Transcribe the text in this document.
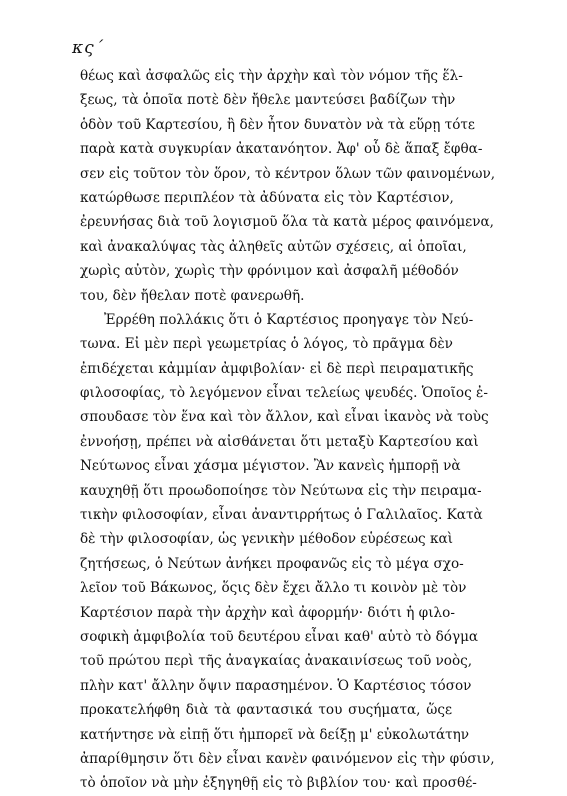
κς΄
θέως καὶ ἀσφαλῶς εἰς τὴν ἀρχὴν καὶ τὸν νόμον τῆς ἕλ-
ξεως, τὰ ὁποῖα ποτὲ δὲν ἤθελε μαντεύσει βαδίζων τὴν
ὁδὸν τοῦ Καρτεσίου, ἢ δὲν ἦτον δυνατὸν νὰ τὰ εὕρῃ τότε
παρὰ κατὰ συγκυρίαν ἀκατανόητον. Ἀφ' οὗ δὲ ἅπαξ ἔφθα-
σεν εἰς τοῦτον τὸν ὅρον, τὸ κέντρον ὅλων τῶν φαινομένων,
κατώρθωσε περιπλέον τὰ ἀδύνατα εἰς τὸν Καρτέσιον,
ἐρευνήσας διὰ τοῦ λογισμοῦ ὅλα τὰ κατὰ μέρος φαινόμενα,
καὶ ἀνακαλύψας τὰς ἀληθεῖς αὐτῶν σχέσεις, αἱ ὁποῖαι,
χωρὶς αὐτὸν, χωρὶς τὴν φρόνιμον καὶ ἀσφαλῆ μέθοδόν
του, δὲν ἤθελαν ποτὲ φανερωθῆ.
Ἐρρέθη πολλάκις ὅτι ὁ Καρτέσιος προηγαγε τὸν Νεύ-
τωνα. Εἰ μὲν περὶ γεωμετρίας ὁ λόγος, τὸ πρᾶγμα δὲν
ἐπιδέχεται κἀμμίαν ἀμφιβολίαν· εἰ δὲ περὶ πειραματικῆς
φιλοσοφίας, τὸ λεγόμενον εἶναι τελείως ψευδές. Ὁποῖος ἐ-
σπουδασε τὸν ἕνα καὶ τὸν ἄλλον, καὶ εἶναι ἱκανὸς νὰ τοὺς
ἐννοήσῃ, πρέπει νὰ αἰσθάνεται ὅτι μεταξὺ Καρτεσίου καὶ
Νεύτωνος εἶναι χάσμα μέγιστον. Ἂν κανεὶς ἠμπορῇ νὰ
καυχηθῇ ὅτι προωδοποίησε τὸν Νεύτωνα εἰς τὴν πειραμα-
τικὴν φιλοσοφίαν, εἶναι ἀναντιρρήτως ὁ Γαλιλαῖος. Κατὰ
δὲ τὴν φιλοσοφίαν, ὡς γενικὴν μέθοδον εὑρέσεως καὶ
ζητήσεως, ὁ Νεύτων ἀνήκει προφανῶς εἰς τὸ μέγα σχο-
λεῖον τοῦ Βάκωνος, ὅςις δὲν ἔχει ἄλλο τι κοινὸν μὲ τὸν
Καρτέσιον παρὰ τὴν ἀρχὴν καὶ ἀφορμήν· διότι ἡ φιλο-
σοφικὴ ἀμφιβολία τοῦ δευτέρου εἶναι καθ' αὑτὸ τὸ δόγμα
τοῦ πρώτου περὶ τῆς ἀναγκαίας ἀνακαινίσεως τοῦ νοὸς,
πλὴν κατ' ἄλλην ὄψιν παρασημένον. Ὁ Καρτέσιος τόσον
προκατελήφθη διὰ τὰ φαντασικά του συςήματα, ὥςε
κατήντησε νὰ εἰπῇ ὅτι ἠμπορεῖ νὰ δείξῃ μ' εὐκολωτάτην
ἀπαρίθμησιν ὅτι δὲν εἶναι κανὲν φαινόμενον εἰς τὴν φύσιν,
τὸ ὁποῖον νὰ μὴν ἐξηγηθῇ εἰς τὸ βιβλίον του· καὶ προσθέ-
